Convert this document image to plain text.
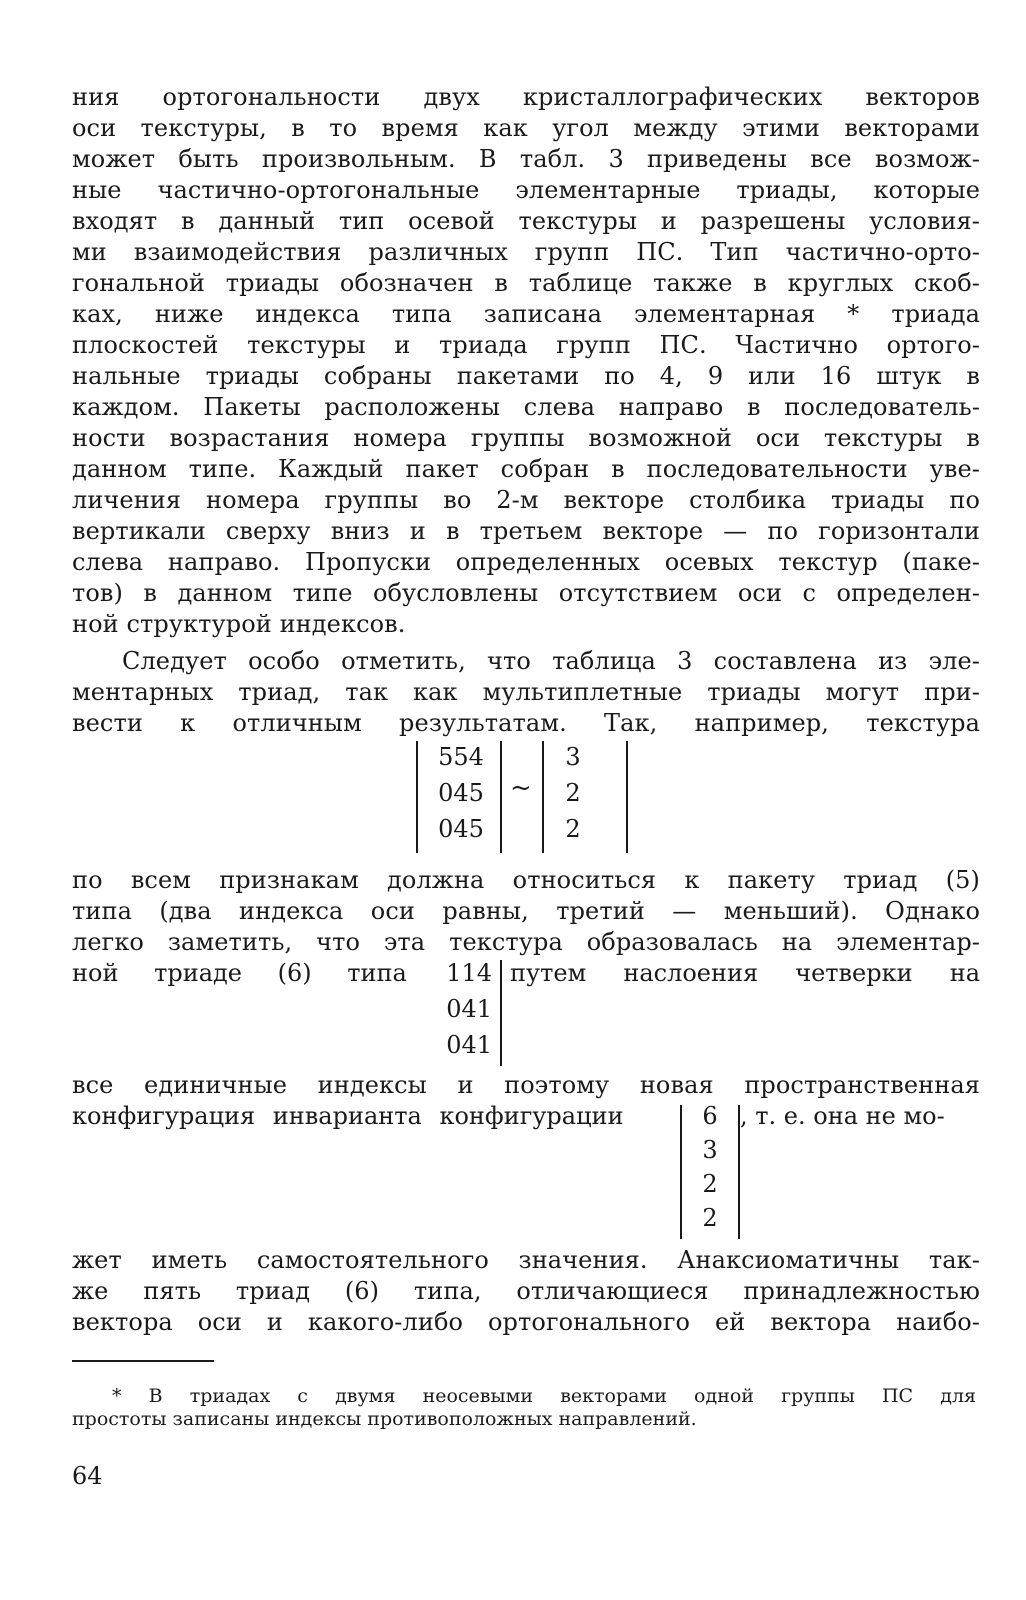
ния ортогональности двух кристаллографических векторов
оси текстуры, в то время как угол между этими векторами
может быть произвольным. В табл. 3 приведены все возмож-
ные частично-ортогональные элементарные триады, которые
входят в данный тип осевой текстуры и разрешены условия-
ми взаимодействия различных групп ПС. Тип частично-орто-
гональной триады обозначен в таблице также в круглых скоб-
ках, ниже индекса типа записана элементарная * триада
плоскостей текстуры и триада групп ПС. Частично ортого-
нальные триады собраны пакетами по 4, 9 или 16 штук в
каждом. Пакеты расположены слева направо в последователь-
ности возрастания номера группы возможной оси текстуры в
данном типе. Каждый пакет собран в последовательности уве-
личения номера группы во 2-м векторе столбика триады по
вертикали сверху вниз и в третьем векторе — по горизонтали
слева направо. Пропуски определенных осевых текстур (паке-
тов) в данном типе обусловлены отсутствием оси с определен-
ной структурой индексов.
Следует особо отметить, что таблица 3 составлена из эле-
ментарных триад, так как мультиплетные триады могут при-
вести к отличным результатам. Так, например, текстура
554
045
045
~
3
2
2
по всем признакам должна относиться к пакету триад (5)
типа (два индекса оси равны, третий — меньший). Однако
легко заметить, что эта текстура образовалась на элементар-
ной триаде (6) типа	114
041
041
путем наслоения четверки на
все единичные индексы и поэтому новая пространственная
конфигурация инварианта конфигурации	6
3
2
2
, т. е. она не мо-
жет иметь самостоятельного значения. Анаксиоматичны так-
же пять триад (6) типа, отличающиеся принадлежностью
вектора оси и какого-либо ортогонального ей вектора наибо-
* В триадах с двумя неосевыми векторами одной группы ПС для
простоты записаны индексы противоположных направлений.
64
